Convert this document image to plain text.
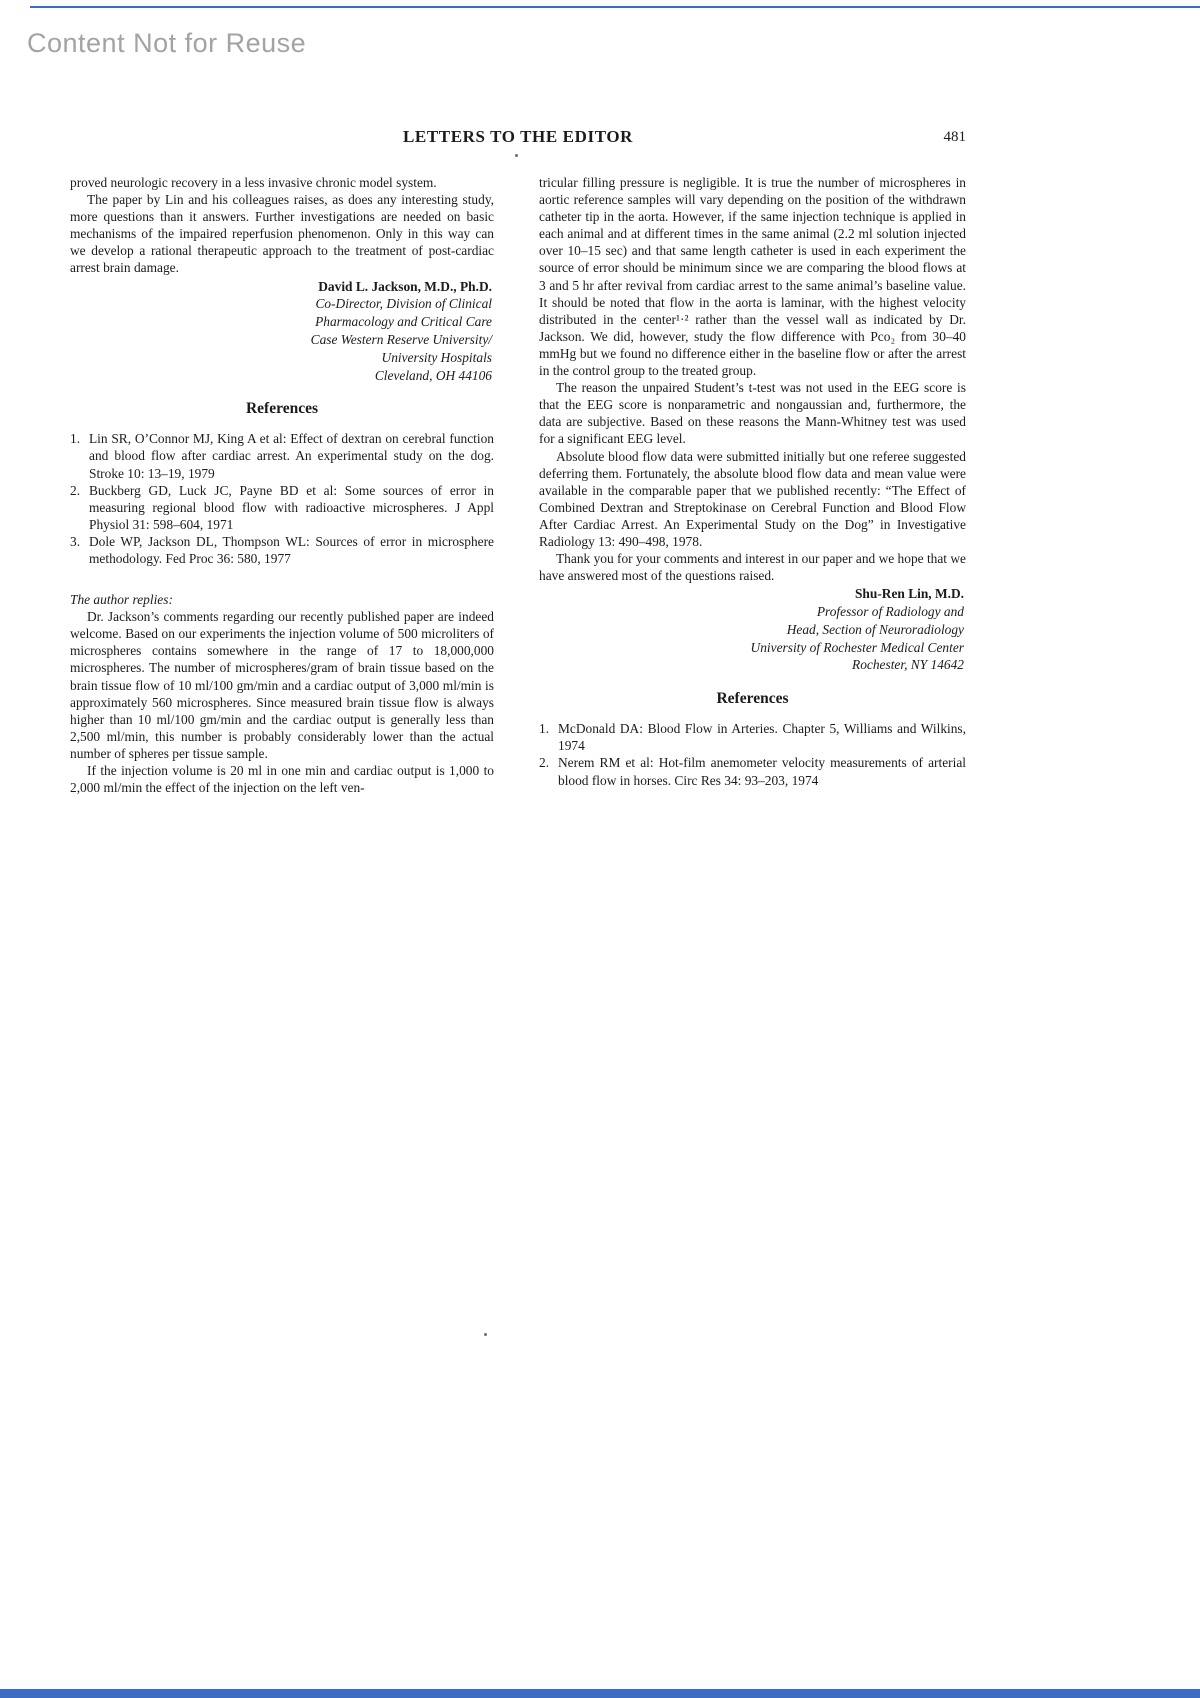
Content Not for Reuse
LETTERS TO THE EDITOR	481

proved neurologic recovery in a less invasive chronic model system.

The paper by Lin and his colleagues raises, as does any interesting study, more questions than it answers. Further investigations are needed on basic mechanisms of the impaired reperfusion phenomenon. Only in this way can we develop a rational therapeutic approach to the treatment of post-cardiac arrest brain damage.

David L. Jackson, M.D., Ph.D.
Co-Director, Division of Clinical
Pharmacology and Critical Care
Case Western Reserve University/
University Hospitals
Cleveland, OH 44106
References
1. Lin SR, O’Connor MJ, King A et al: Effect of dextran on cerebral function and blood flow after cardiac arrest. An experimental study on the dog. Stroke 10: 13–19, 1979
2. Buckberg GD, Luck JC, Payne BD et al: Some sources of error in measuring regional blood flow with radioactive microspheres. J Appl Physiol 31: 598–604, 1971
3. Dole WP, Jackson DL, Thompson WL: Sources of error in microsphere methodology. Fed Proc 36: 580, 1977

The author replies:

Dr. Jackson’s comments regarding our recently published paper are indeed welcome. Based on our experiments the injection volume of 500 microliters of microspheres contains somewhere in the range of 17 to 18,000,000 microspheres. The number of microspheres/gram of brain tissue based on the brain tissue flow of 10 ml/100 gm/min and a cardiac output of 3,000 ml/min is approximately 560 microspheres. Since measured brain tissue flow is always higher than 10 ml/100 gm/min and the cardiac output is generally less than 2,500 ml/min, this number is probably considerably lower than the actual number of spheres per tissue sample.

If the injection volume is 20 ml in one min and cardiac output is 1,000 to 2,000 ml/min the effect of the injection on the left ven-

tricular filling pressure is negligible. It is true the number of microspheres in aortic reference samples will vary depending on the position of the withdrawn catheter tip in the aorta. However, if the same injection technique is applied in each animal and at different times in the same animal (2.2 ml solution injected over 10–15 sec) and that same length catheter is used in each experiment the source of error should be minimum since we are comparing the blood flows at 3 and 5 hr after revival from cardiac arrest to the same animal’s baseline value. It should be noted that flow in the aorta is laminar, with the highest velocity distributed in the center¹·² rather than the vessel wall as indicated by Dr. Jackson. We did, however, study the flow difference with Pco₂ from 30–40 mmHg but we found no difference either in the baseline flow or after the arrest in the control group to the treated group.

The reason the unpaired Student’s t-test was not used in the EEG score is that the EEG score is nonparametric and nongaussian and, furthermore, the data are subjective. Based on these reasons the Mann-Whitney test was used for a significant EEG level.

Absolute blood flow data were submitted initially but one referee suggested deferring them. Fortunately, the absolute blood flow data and mean value were available in the comparable paper that we published recently: “The Effect of Combined Dextran and Streptokinase on Cerebral Function and Blood Flow After Cardiac Arrest. An Experimental Study on the Dog” in Investigative Radiology 13: 490–498, 1978.

Thank you for your comments and interest in our paper and we hope that we have answered most of the questions raised.

Shu-Ren Lin, M.D.
Professor of Radiology and
Head, Section of Neuroradiology
University of Rochester Medical Center
Rochester, NY 14642
References
1. McDonald DA: Blood Flow in Arteries. Chapter 5, Williams and Wilkins, 1974
2. Nerem RM et al: Hot-film anemometer velocity measurements of arterial blood flow in horses. Circ Res 34: 93–203, 1974
